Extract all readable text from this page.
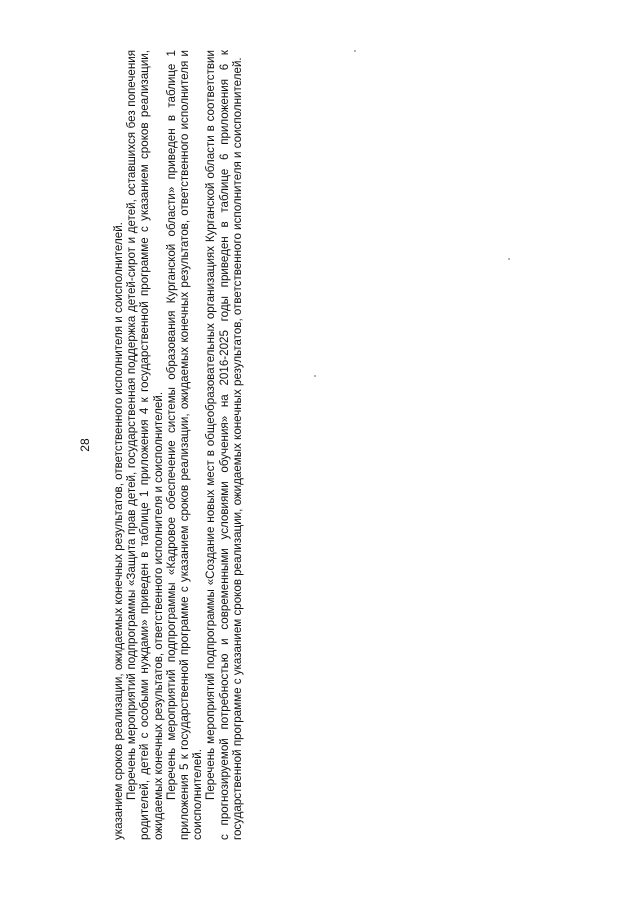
28 указанием сроков реализации, ожидаемых конечных результатов, ответственного исполнителя и соисполнителей. Перечень мероприятий подпрограммы «Защита прав детей, государственная поддержка детей-сирот и детей, оставшихся без попечения родителей, детей с особыми нуждами» приведен в таблице 1 приложения 4 к государственной программе с указанием сроков реализации, ожидаемых конечных результатов, ответственного исполнителя и соисполнителей. Перечень мероприятий подпрограммы «Кадровое обеспечение системы образования Курганской области» приведен в таблице 1 приложения 5 к государственной программе с указанием сроков реализации, ожидаемых конечных результатов, ответственного исполнителя и соисполнителей. Перечень мероприятий подпрограммы «Создание новых мест в общеобразовательных организациях Курганской области в соответствии с прогнозируемой потребностью и современными условиями обучения» на 2016-2025 годы приведен в таблице 6 приложения 6 к государственной программе с указанием сроков реализации, ожидаемых конечных результатов, ответственного исполнителя и соисполнителей.
